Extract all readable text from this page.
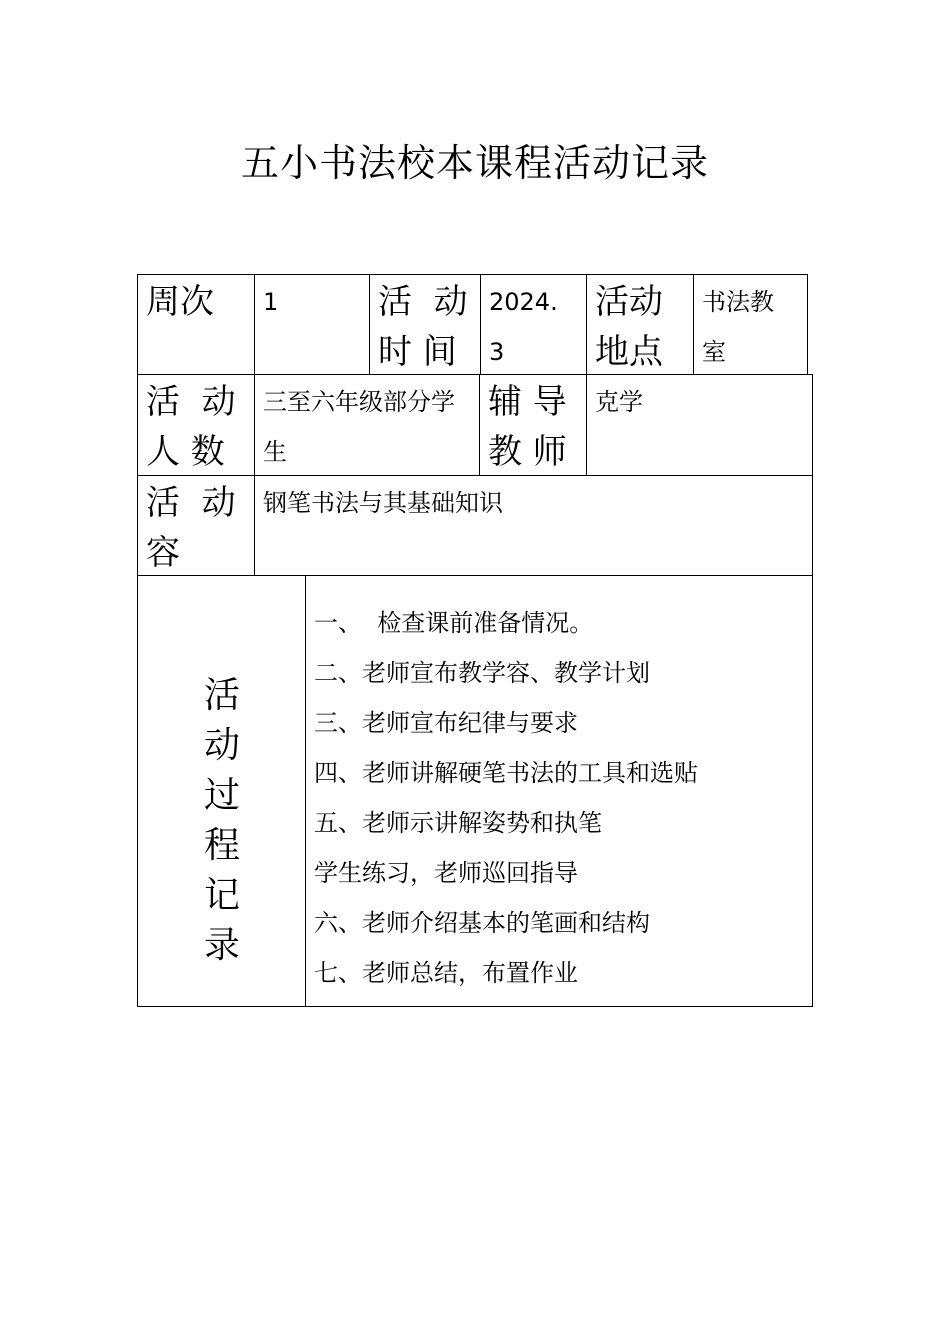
五小书法校本课程活动记录
周次	1	活  动
时 间
2024.
3
活动
地点
书法教
室
活  动
人 数
三至六年级部分学
生
辅 导
教 师
克学
活  动
容
钢笔书法与其基础知识
活
动
过
程
记
录
一、  检查课前准备情况。
二、老师宣布教学容、教学计划
三、老师宣布纪律与要求
四、老师讲解硬笔书法的工具和选贴
五、老师示讲解姿势和执笔
学生练习，老师巡回指导
六、老师介绍基本的笔画和结构
七、老师总结，布置作业
